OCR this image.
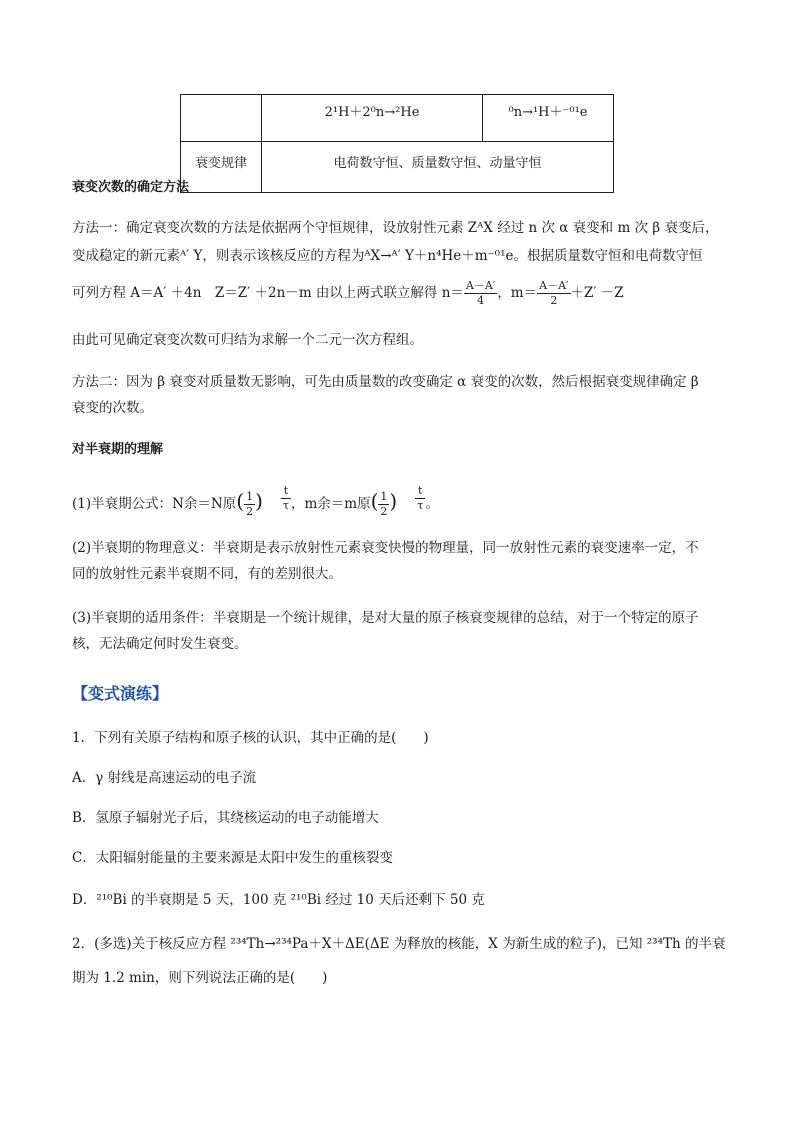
	2¹H＋2⁰n→²He	⁰n→¹H＋⁻⁰¹e
衰变规律	电荷数守恒、质量数守恒、动量守恒	
衰变次数的确定方法
方法一：确定衰变次数的方法是依据两个守恒规律，设放射性元素 ZᴬX 经过 n 次 α 衰变和 m 次 β 衰变后，
变成稳定的新元素ᴬ′ Y，则表示该核反应的方程为ᴬX→ᴬ′ Y＋n⁴He＋m⁻⁰¹e。根据质量数守恒和电荷数守恒
可列方程 A＝A′ ＋4n　Z＝Z′ ＋2n－m 由以上两式联立解得 $n= \frac{A-A'}{4}$ ，$m= \frac{A-A'}{2} +Z' -Z$
由此可见确定衰变次数可归结为求解一个二元一次方程组。
方法二：因为 β 衰变对质量数无影响，可先由质量数的改变确定 α 衰变的次数，然后根据衰变规律确定 β
衰变的次数。
对半衰期的理解
(1)半衰期公式：N余＝N原( $\frac{1}{2}$ ) $\frac{t}{\tau}$ ，m余＝m原( $\frac{1}{2}$ ) $\frac{t}{\tau}$ 。
(2)半衰期的物理意义：半衰期是表示放射性元素衰变快慢的物理量，同一放射性元素的衰变速率一定，不
同的放射性元素半衰期不同，有的差别很大。
(3)半衰期的适用条件：半衰期是一个统计规律，是对大量的原子核衰变规律的总结，对于一个特定的原子
核，无法确定何时发生衰变。
【变式演练】
1．下列有关原子结构和原子核的认识，其中正确的是(　　)
A．γ 射线是高速运动的电子流
B．氢原子辐射光子后，其绕核运动的电子动能增大
C．太阳辐射能量的主要来源是太阳中发生的重核裂变
D．²¹⁰Bi 的半衰期是 5 天，100 克 ²¹⁰Bi 经过 10 天后还剩下 50 克
2．(多选)关于核反应方程 ²³⁴Th→²³⁴Pa＋X＋ΔE(ΔE 为释放的核能，X 为新生成的粒子)，已知 ²³⁴Th 的半衰
期为 1.2 min，则下列说法正确的是(　　)
